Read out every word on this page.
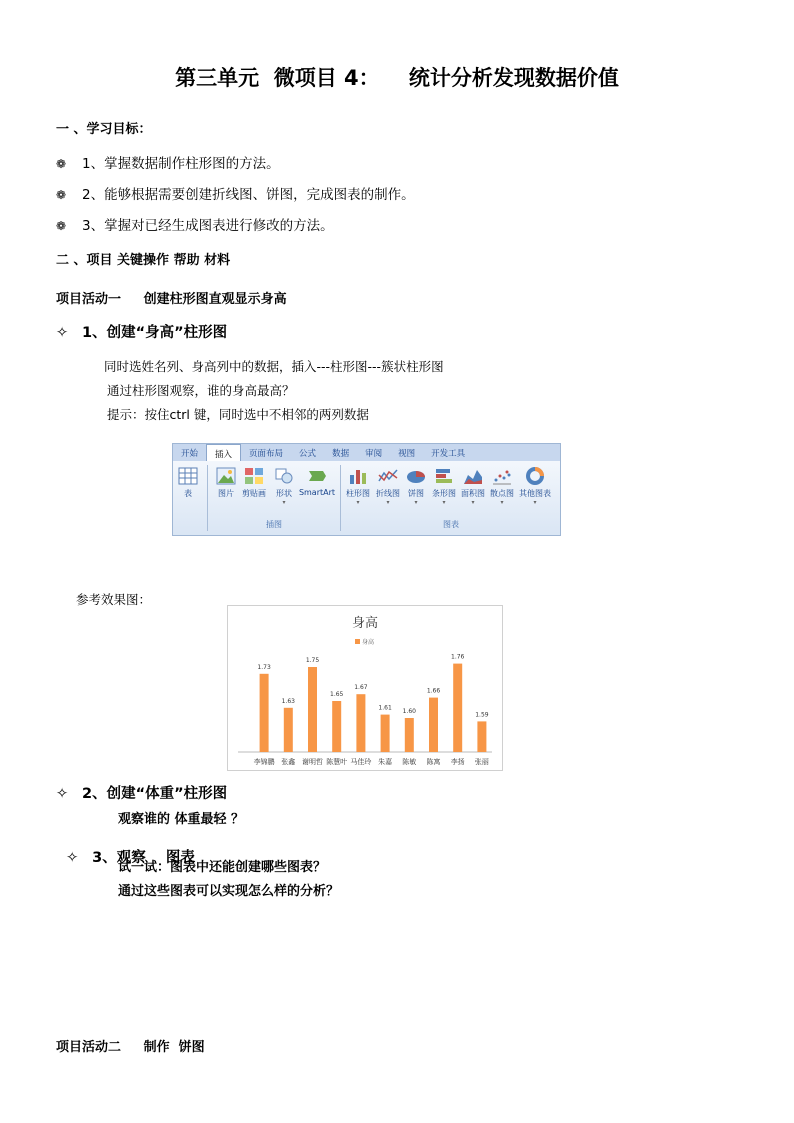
第三单元  微项目 4：    统计分析发现数据价值
一 、学习目标：
❁ 1、掌握数据制作柱形图的方法。
❁ 2、能够根据需要创建折线图、饼图，完成图表的制作。
❁ 3、掌握对已经生成图表进行修改的方法。
二 、项目 关键操作 帮助 材料
项目活动一     创建柱形图直观显示身高
✧ 1、创建“身高”柱形图
同时选姓名列、身高列中的数据，插入---柱形图---簇状柱形图
通过柱形图观察，谁的身高最高？
提示：按住ctrl 键，同时选中不相邻的两列数据
开始	插入	页面布局	公式	数据	审阅	视图	开发工具
表	图片	剪贴画	形状
▾
SmartArt	柱形图
▾
折线图
▾
饼图
▾
条形图
▾
面积图
▾
散点图
▾
其他图表
▾
插图	图表
参考效果图：
身高
身高
1.73
李锦鹏
1.63
张鑫
1.75
谢明哲
1.65
陈慧叶
1.67
马佳玲
1.61
朱嘉
1.60
陈敏
1.66
陈寓
1.76
李扬
1.59
张丽
✧ 2、创建“体重”柱形图
观察谁的 体重最轻 ？

✧ 3、观察    图表

试一试：图表中还能创建哪些图表？
通过这些图表可以实现怎么样的分析？
项目活动二     制作  饼图
